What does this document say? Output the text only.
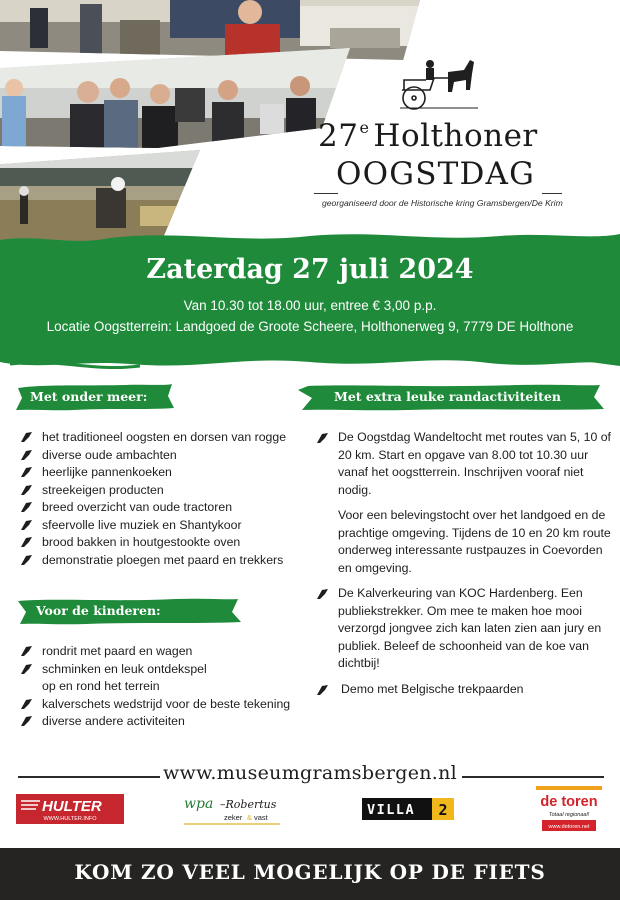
27e Holthoner
OOGSTDAG
georganiseerd door de Historische kring Gramsbergen/De Krim
Zaterdag 27 juli 2024
Van 10.30 tot 18.00 uur, entree € 3,00 p.p.
Locatie Oogstterrein: Landgoed de Groote Scheere, Holthonerweg 9, 7779 DE Holthone
Met onder meer:	Met extra leuke randactiviteiten
Voor de kinderen:
het traditioneel oogsten en dorsen van rogge
diverse oude ambachten
heerlijke pannenkoeken
streekeigen producten
breed overzicht van oude tractoren
sfeervolle live muziek en Shantykoor
brood bakken in houtgestookte oven
demonstratie ploegen met paard en trekkers
rondrit met paard en wagen
schminken en leuk ontdekspel
op en rond het terrein
kalverschets wedstrijd voor de beste tekening
diverse andere activiteiten

De Oogstdag Wandeltocht met routes van 5, 10 of 20 km. Start en opgave van 8.00 tot 10.30 uur vanaf het oogstterrein. Inschrijven vooraf niet nodig.

Voor een belevingstocht over het landgoed en de prachtige omgeving. Tijdens de 10 en 20 km route onderweg interessante rustpauzes in Coevorden en omgeving.

De Kalverkeuring van KOC Hardenberg. Een publiekstrekker. Om mee te maken hoe mooi verzorgd jongvee zich kan laten zien aan jury en publiek. Beleef de schoonheid van de koe van dichtbij!

Demo met Belgische trekpaarden

www.museumgramsbergen.nl
HULTER
WWW.HULTER.INFO
wpa –Robertus
zeker & vast	VILLA 2	de toren
Totaal regionaal!
www.detoren.net
KOM ZO VEEL MOGELIJK OP DE FIETS
